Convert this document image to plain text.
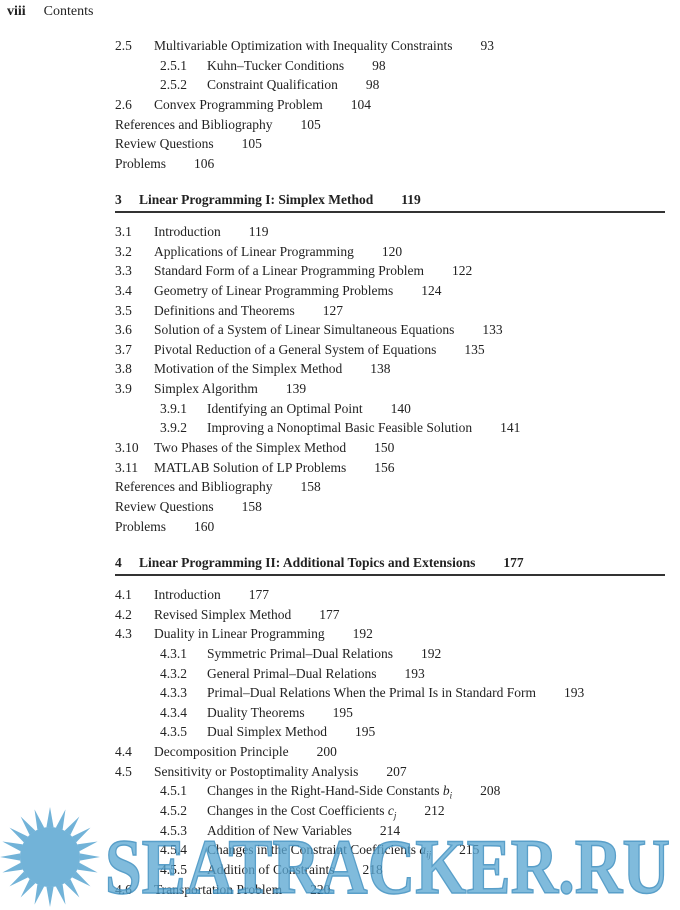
viii Contents
2.5 Multivariable Optimization with Inequality Constraints 93
2.5.1 Kuhn–Tucker Conditions 98
2.5.2 Constraint Qualification 98
2.6 Convex Programming Problem 104
References and Bibliography 105
Review Questions 105
Problems 106
3 Linear Programming I: Simplex Method 119
3.1 Introduction 119
3.2 Applications of Linear Programming 120
3.3 Standard Form of a Linear Programming Problem 122
3.4 Geometry of Linear Programming Problems 124
3.5 Definitions and Theorems 127
3.6 Solution of a System of Linear Simultaneous Equations 133
3.7 Pivotal Reduction of a General System of Equations 135
3.8 Motivation of the Simplex Method 138
3.9 Simplex Algorithm 139
3.9.1 Identifying an Optimal Point 140
3.9.2 Improving a Nonoptimal Basic Feasible Solution 141
3.10 Two Phases of the Simplex Method 150
3.11 MATLAB Solution of LP Problems 156
References and Bibliography 158
Review Questions 158
Problems 160
4 Linear Programming II: Additional Topics and Extensions 177
4.1 Introduction 177
4.2 Revised Simplex Method 177
4.3 Duality in Linear Programming 192
4.3.1 Symmetric Primal–Dual Relations 192
4.3.2 General Primal–Dual Relations 193
4.3.3 Primal–Dual Relations When the Primal Is in Standard Form 193
4.3.4 Duality Theorems 195
4.3.5 Dual Simplex Method 195
4.4 Decomposition Principle 200
4.5 Sensitivity or Postoptimality Analysis 207
4.5.1 Changes in the Right-Hand-Side Constants $b_i$ 208
4.5.2 Changes in the Cost Coefficients $c_j$ 212
4.5.3 Addition of New Variables 214
4.5.4 Changes in the Constraint Coefficients $a_{ij}$ 215
4.5.5 Addition of Constraints 218
4.6 Transportation Problem 220
SEATRACKER.RU
